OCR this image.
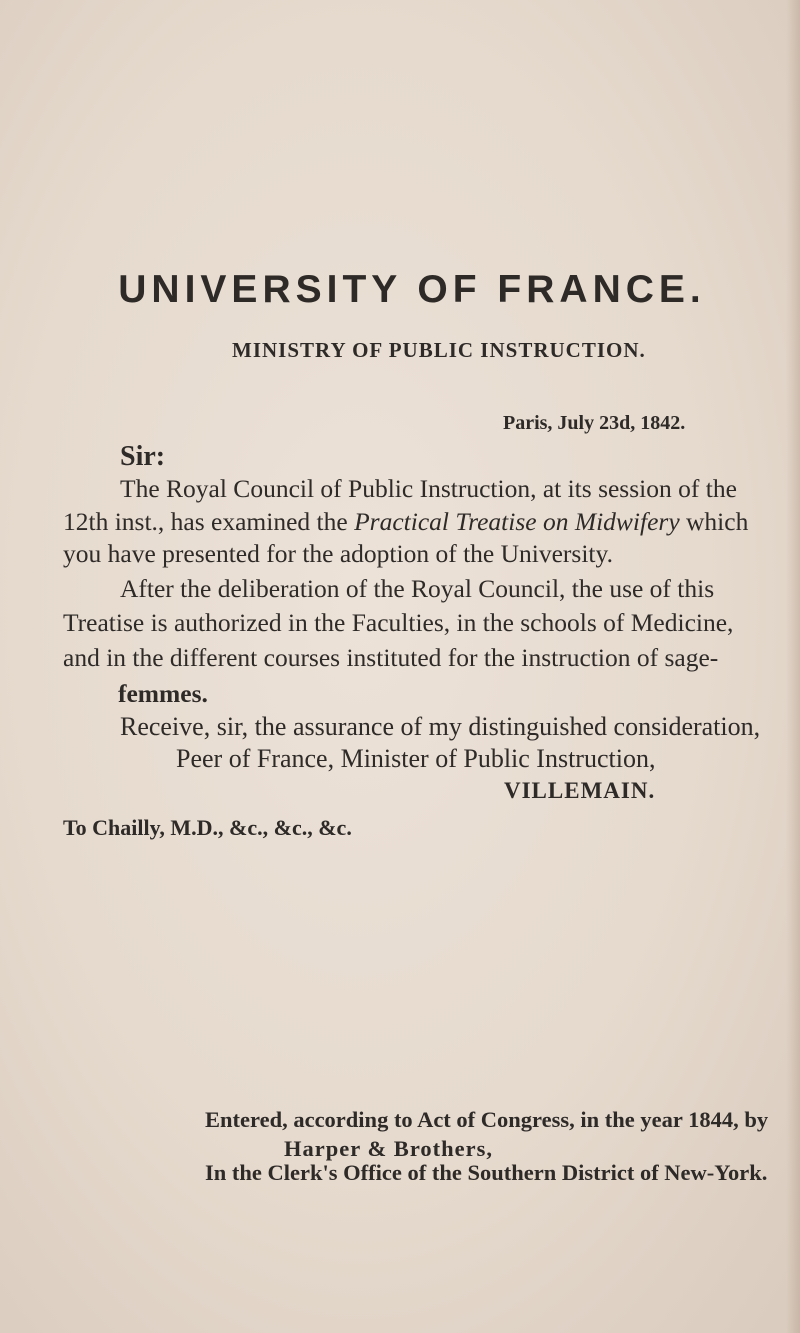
UNIVERSITY OF FRANCE.
MINISTRY OF PUBLIC INSTRUCTION.
Paris, July 23d, 1842.
Sir:
The Royal Council of Public Instruction, at its session of the
12th inst., has examined the Practical Treatise on Midwifery which
you have presented for the adoption of the University.
After the deliberation of the Royal Council, the use of this
Treatise is authorized in the Faculties, in the schools of Medicine,
and in the different courses instituted for the instruction of sage-
femmes.
Receive, sir, the assurance of my distinguished consideration,
Peer of France, Minister of Public Instruction,
VILLEMAIN.
To Chailly, M.D., &c., &c., &c.
Entered, according to Act of Congress, in the year 1844, by
Harper & Brothers,
In the Clerk's Office of the Southern District of New-York.
